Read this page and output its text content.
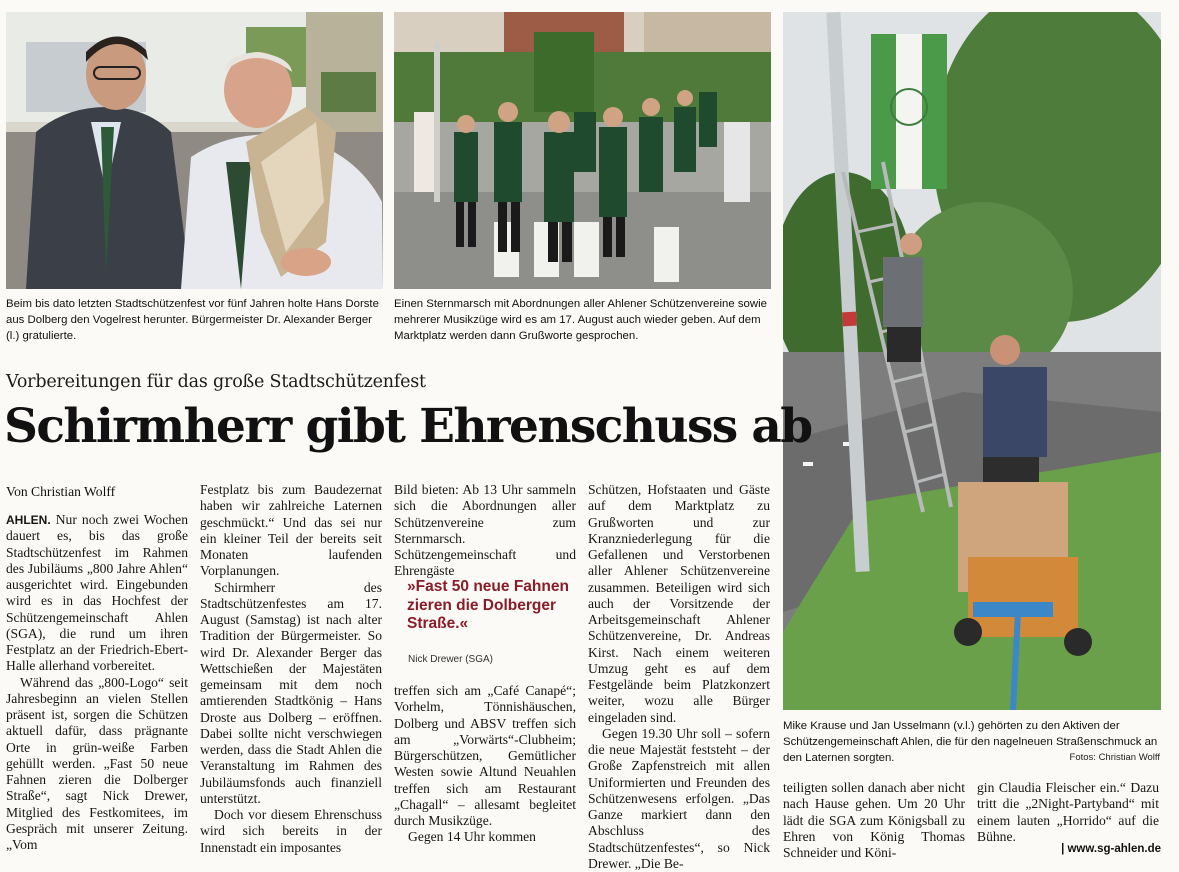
Beim bis dato letzten Stadtschützenfest vor fünf Jahren holte Hans Dorste aus Dolberg den Vogelrest herunter. Bürgermeister Dr. Alexander Berger (l.) gratulierte.
Einen Sternmarsch mit Abordnungen aller Ahlener Schützenvereine sowie mehrerer Musikzüge wird es am 17. August auch wieder geben. Auf dem Marktplatz werden dann Grußworte gesprochen.
Mike Krause und Jan Usselmann (v.l.) gehörten zu den Aktiven der Schützengemeinschaft Ahlen, die für den nagelneuen Straßenschmuck an den Laternen sorgten.	Fotos: Christian Wolff
Vorbereitungen für das große Stadtschützenfest
Schirmherr gibt Ehrenschuss ab
Von Christian Wolff

AHLEN. Nur noch zwei Wochen dauert es, bis das große Stadtschützenfest im Rahmen des Jubiläums „800 Jahre Ahlen“ ausgerichtet wird. Eingebunden wird es in das Hochfest der Schützengemeinschaft Ahlen (SGA), die rund um ihren Festplatz an der Friedrich-Ebert-Halle allerhand vorbereitet.

Während das „800-Logo“ seit Jahresbeginn an vielen Stellen präsent ist, sorgen die Schützen aktuell dafür, dass prägnante Orte in grün-weiße Farben gehüllt werden. „Fast 50 neue Fahnen zieren die Dolberger Straße“, sagt Nick Drewer, Mitglied des Festkomitees, im Gespräch mit unserer Zeitung. „Vom

Festplatz bis zum Baudezernat haben wir zahlreiche Laternen geschmückt.“ Und das sei nur ein kleiner Teil der bereits seit Monaten laufenden Vorplanungen.

Schirmherr des Stadtschützenfestes am 17. August (Samstag) ist nach alter Tradition der Bürgermeister. So wird Dr. Alexander Berger das Wettschießen der Majestäten gemeinsam mit dem noch amtierenden Stadtkönig – Hans Droste aus Dolberg – eröffnen. Dabei sollte nicht verschwiegen werden, dass die Stadt Ahlen die Veranstaltung im Rahmen des Jubiläumsfonds auch finanziell unterstützt.

Doch vor diesem Ehrenschuss wird sich bereits in der Innenstadt ein imposantes

Bild bieten: Ab 13 Uhr sammeln sich die Abordnungen aller Schützenvereine zum Sternmarsch. Schützengemeinschaft und Ehrengäste

»Fast 50 neue Fahnen zieren die Dolberger Straße.«
Nick Drewer (SGA)

treffen sich am „Café Canapé“; Vorhelm, Tönnishäuschen, Dolberg und ABSV treffen sich am „Vorwärts“-Clubheim; Bürgerschützen, Gemütlicher Westen sowie Altund Neuahlen treffen sich am Restaurant „Chagall“ – allesamt begleitet durch Musikzüge.

Gegen 14 Uhr kommen

Schützen, Hofstaaten und Gäste auf dem Marktplatz zu Grußworten und zur Kranzniederlegung für die Gefallenen und Verstorbenen aller Ahlener Schützenvereine zusammen. Beteiligen wird sich auch der Vorsitzende der Arbeitsgemeinschaft Ahlener Schützenvereine, Dr. Andreas Kirst. Nach einem weiteren Umzug geht es auf dem Festgelände beim Platzkonzert weiter, wozu alle Bürger eingeladen sind.

Gegen 19.30 Uhr soll – sofern die neue Majestät feststeht – der Große Zapfenstreich mit allen Uniformierten und Freunden des Schützenwesens erfolgen. „Das Ganze markiert dann den Abschluss des Stadtschützenfestes“, so Nick Drewer. „Die Be-

teiligten sollen danach aber nicht nach Hause gehen. Um 20 Uhr lädt die SGA zum Königsball zu Ehren von König Thomas Schneider und Köni-

gin Claudia Fleischer ein.“ Dazu tritt die „2Night-Partyband“ mit einem lauten „Horrido“ auf die Bühne.

| www.sg-ahlen.de
